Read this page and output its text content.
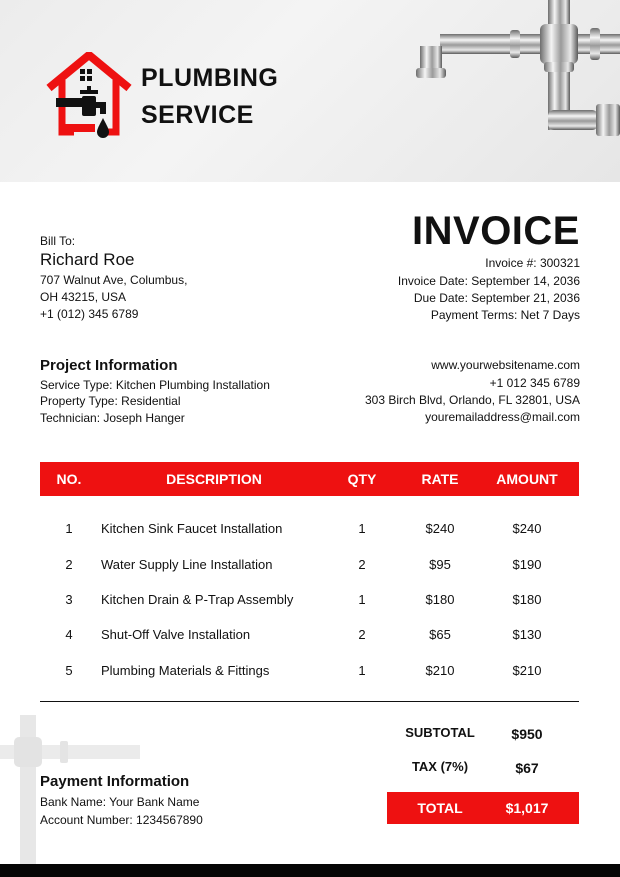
PLUMBING
SERVICE
Bill To:
Richard Roe
707 Walnut Ave, Columbus,
OH 43215, USA
+1 (012) 345 6789
INVOICE
Invoice #: 300321
Invoice Date: September 14, 2036
Due Date: September 21, 2036
Payment Terms: Net 7 Days
Project Information
Service Type: Kitchen Plumbing Installation
Property Type: Residential
Technician: Joseph Hanger
www.yourwebsitename.com
+1 012 345 6789
303 Birch Blvd, Orlando, FL 32801, USA
youremailaddress@mail.com
NO.	DESCRIPTION	QTY	RATE	AMOUNT
1	Kitchen Sink Faucet Installation	1	$240	$240
2	Water Supply Line Installation	2	$95	$190
3	Kitchen Drain & P-Trap Assembly	1	$180	$180
4	Shut-Off Valve Installation	2	$65	$130
5	Plumbing Materials & Fittings	1	$210	$210
SUBTOTAL	$950
TAX (7%)	$67
TOTAL	$1,017
Payment Information
Bank Name: Your Bank Name
Account Number: 1234567890
